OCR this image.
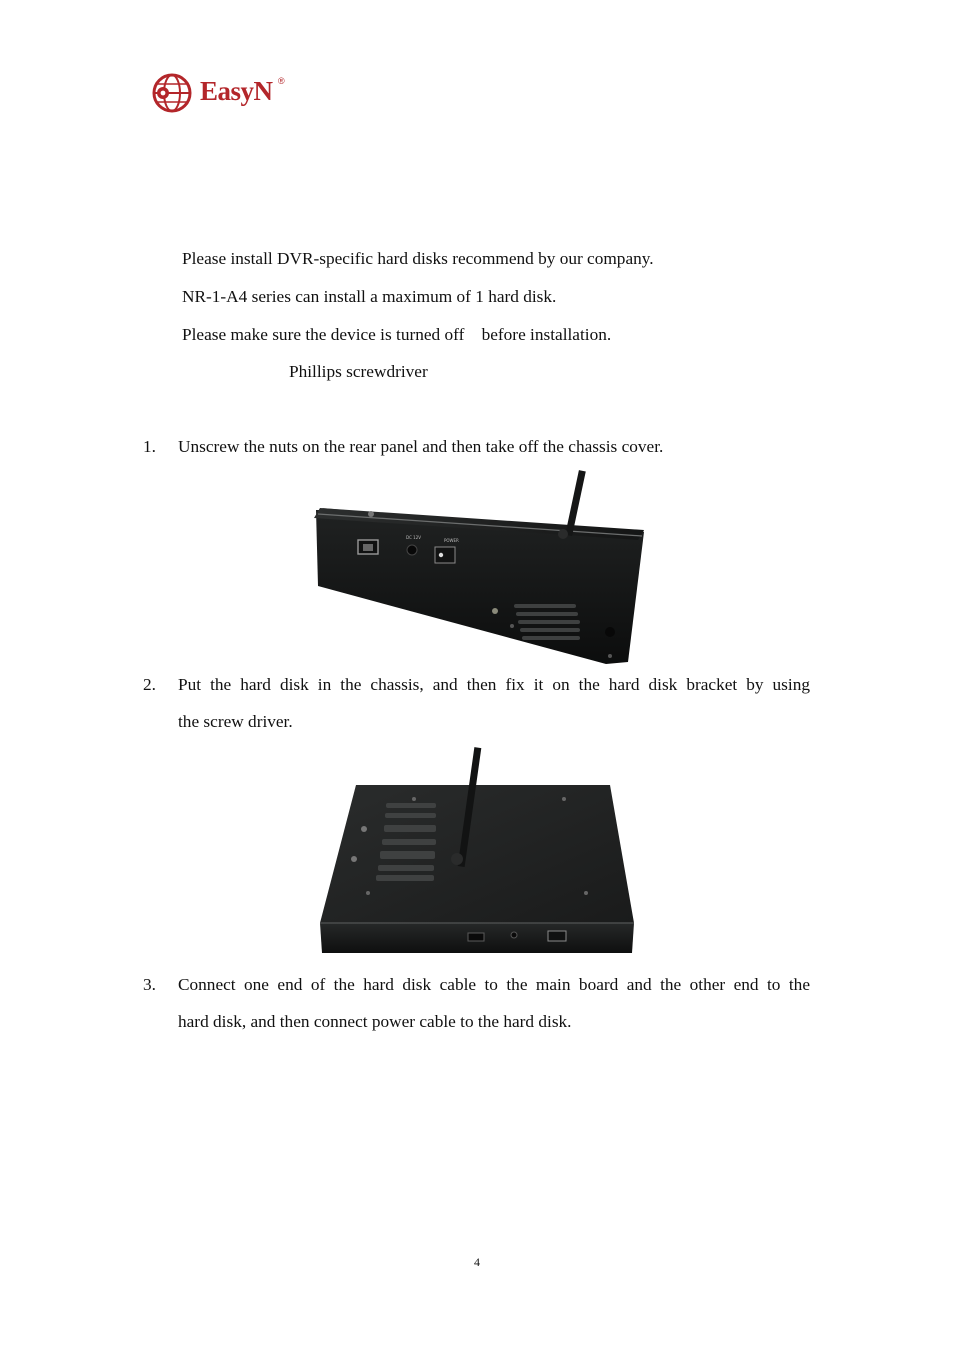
EasyN ®
Please install DVR-specific hard disks recommend by our company.
NR-1-A4 series can install a maximum of 1 hard disk.
Please make sure the device is turned off    before installation.
Phillips screwdriver
1. Unscrew the nuts on the rear panel and then take off the chassis cover.
DC 12V
POWER
2. Put the hard disk in the chassis, and then fix it on the hard disk bracket by using
the screw driver.
3. Connect one end of the hard disk cable to the main board and the other end to the
hard disk, and then connect power cable to the hard disk.
4
